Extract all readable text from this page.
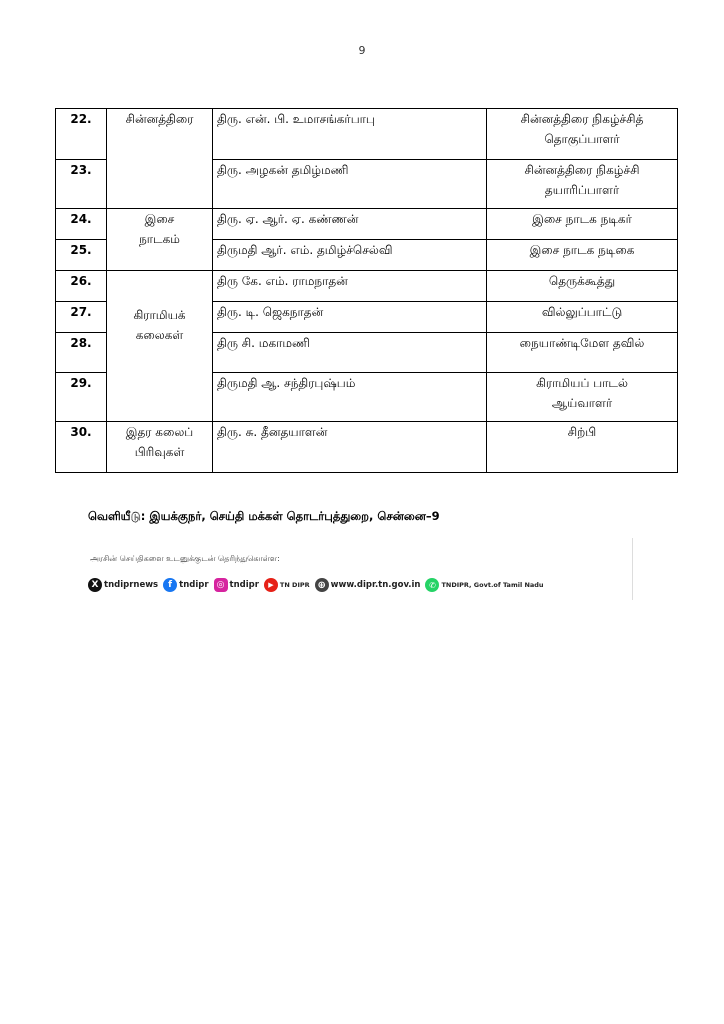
9
22.	சின்னத்திரை	திரு. என். பி. உமாசங்கர்பாபு	சின்னத்திரை நிகழ்ச்சித்
தொகுப்பாளர்

23.		திரு. அழகன் தமிழ்மணி	சின்னத்திரை நிகழ்ச்சி
தயாரிப்பாளர்

24.	இசை
நாடகம்	திரு. ஏ. ஆர். ஏ. கண்ணன்	இசை நாடக நடிகர்

25.		திருமதி ஆர். எம். தமிழ்ச்செல்வி	இசை நாடக நடிகை

26.	கிராமியக்
கலைகள்	திரு கே. எம். ராமநாதன்	தெருக்கூத்து

27.		திரு. டி. ஜெகநாதன்	வில்லுப்பாட்டு

28.		திரு சி. மகாமணி	நையாண்டிமேள தவில்

29.		திருமதி ஆ. சந்திரபுஷ்பம்	கிராமியப் பாடல்
ஆய்வாளர்

30.	இதர கலைப்
பிரிவுகள்	திரு. சு. தீனதயாளன்	சிற்பி
வெளியீடு: இயக்குநர், செய்தி மக்கள் தொடர்புத்துறை, சென்னை–9
அரசின் செய்திகளை உடனுக்குடன் தெரிந்துகொள்ள:
X tndiprnews	f tndipr ◎ tndipr	▶ TN DIPR ⊕ www.dipr.tn.gov.in	✆ TNDIPR, Govt.of Tamil Nadu
